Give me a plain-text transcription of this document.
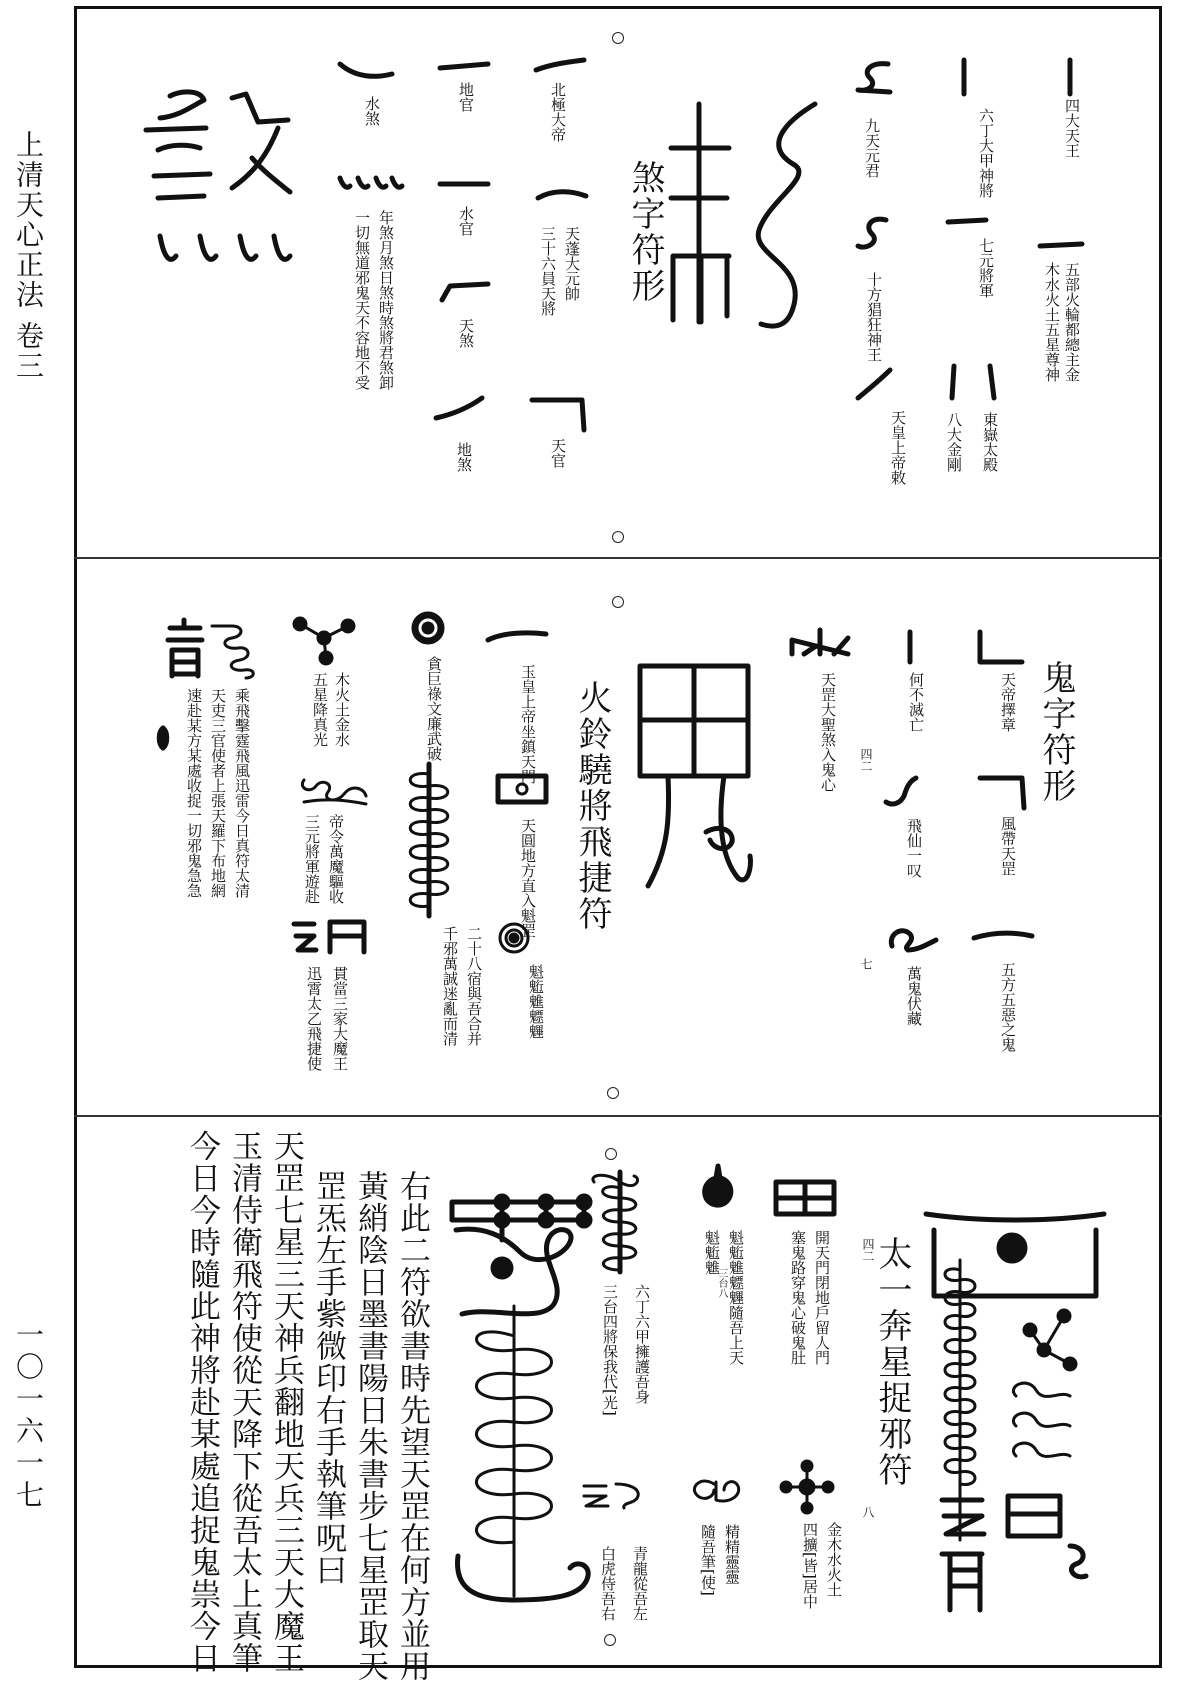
上清天心正法 卷三
一〇一六一七
四大天王
五部火輪都總主金
木水火土五星尊神
六丁大甲神將
七元將軍
九天元君
十方猖狂神王
東嶽太殿
八大金剛
天皇上帝敕
煞字符形
北極大帝
天蓬大元帥
三十六員天將
天官
地官
水官
天煞
地煞
水煞
年煞月煞日煞時煞將君煞卸
一切無道邪鬼天不容地不受
鬼字符形
天帝擇章
風帶天罡
五方五惡之鬼
何不滅亡
飛仙一叹
萬鬼伏藏
天罡大聖煞入鬼心 四二
七
火鈴驍將飛捷符
玉皇上帝坐鎮天門
天圓地方直入魁罡
二十八宿與吾合并
千邪萬誠迷亂而清	魁䰢魋魒魓
貪巨祿文廉武破
木火土金水
五星降真光
帝令萬魔驅收
三元將軍遊赴
貫當三家大魔王
迅霄太乙飛捷使
乘飛擊霆飛風迅雷今日真符太清
天吏三官使者上張天羅下布地網
速赴某方某處收捉一切邪鬼急急
太一奔星捉邪符
四二
八
開天門閉地戶留人門
塞鬼路穿鬼心破鬼肚
金木水火土
四擴[皆]居中
魁䰢魋魒魓隨吾上天
魁䰢魋
三台八
精精靈靈
隨吾筆[使]
六丁六甲擁護吾身
三台四將保我代[光]
青龍從吾左
白虎侍吾右
右此二符欲書時先望天罡在何方並用
黃綃陰日墨書陽日朱書步七星罡取天
罡炁左手紫微印右手執筆呪曰
天罡七星三天神兵翻地天兵三天大魔王
玉清侍衛飛符使從天降下從吾太上真筆
今日今時隨此神將赴某處追捉鬼祟今日
